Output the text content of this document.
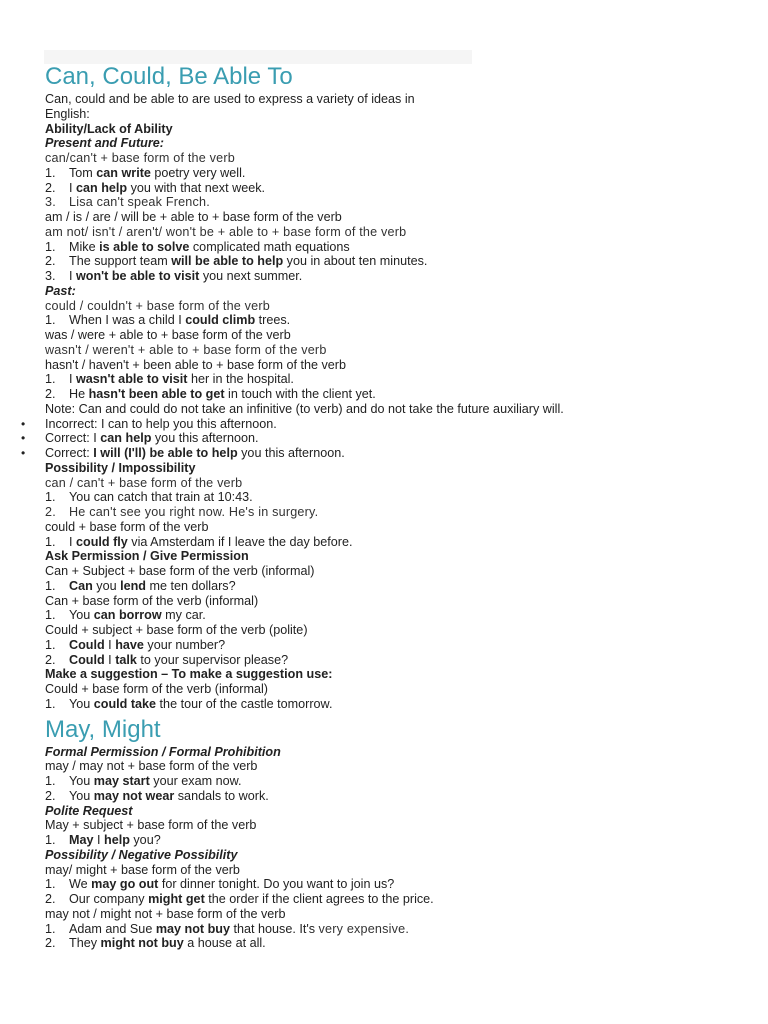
Can, Could, Be Able To
Can, could and be able to are used to express a variety of ideas in
English:
Ability/Lack of Ability
Present and Future:
can/can't + base form of the verb
1. Tom can write poetry very well.
2. I can help you with that next week.
3. Lisa can't speak French.
am / is / are / will be + able to + base form of the verb
am not/ isn't / aren't/ won't be + able to + base form of the verb
1. Mike is able to solve complicated math equations
2. The support team will be able to help you in about ten minutes.
3. I won't be able to visit you next summer.
Past:
could / couldn't + base form of the verb
1. When I was a child I could climb trees.
was / were + able to + base form of the verb
wasn't / weren't + able to + base form of the verb
hasn't / haven't + been able to + base form of the verb
1. I wasn't able to visit her in the hospital.
2. He hasn't been able to get in touch with the client yet.
Note: Can and could do not take an infinitive (to verb) and do not take the future auxiliary will.
• Incorrect: I can to help you this afternoon.
• Correct: I can help you this afternoon.
• Correct: I will (I'll) be able to help you this afternoon.
Possibility / Impossibility
can / can't + base form of the verb
1. You can catch that train at 10:43.
2. He can't see you right now. He's in surgery.
could + base form of the verb
1. I could fly via Amsterdam if I leave the day before.
Ask Permission / Give Permission
Can + Subject + base form of the verb (informal)
1. Can you lend me ten dollars?
Can + base form of the verb (informal)
1. You can borrow my car.
Could + subject + base form of the verb (polite)
1. Could I have your number?
2. Could I talk to your supervisor please?
Make a suggestion – To make a suggestion use:
Could + base form of the verb (informal)
1. You could take the tour of the castle tomorrow.
May, Might
Formal Permission / Formal Prohibition
may / may not + base form of the verb
1. You may start your exam now.
2. You may not wear sandals to work.
Polite Request
May + subject + base form of the verb
1. May I help you?
Possibility / Negative Possibility
may/ might + base form of the verb
1. We may go out for dinner tonight. Do you want to join us?
2. Our company might get the order if the client agrees to the price.
may not / might not + base form of the verb
1. Adam and Sue may not buy that house. It's very expensive.
2. They might not buy a house at all.
